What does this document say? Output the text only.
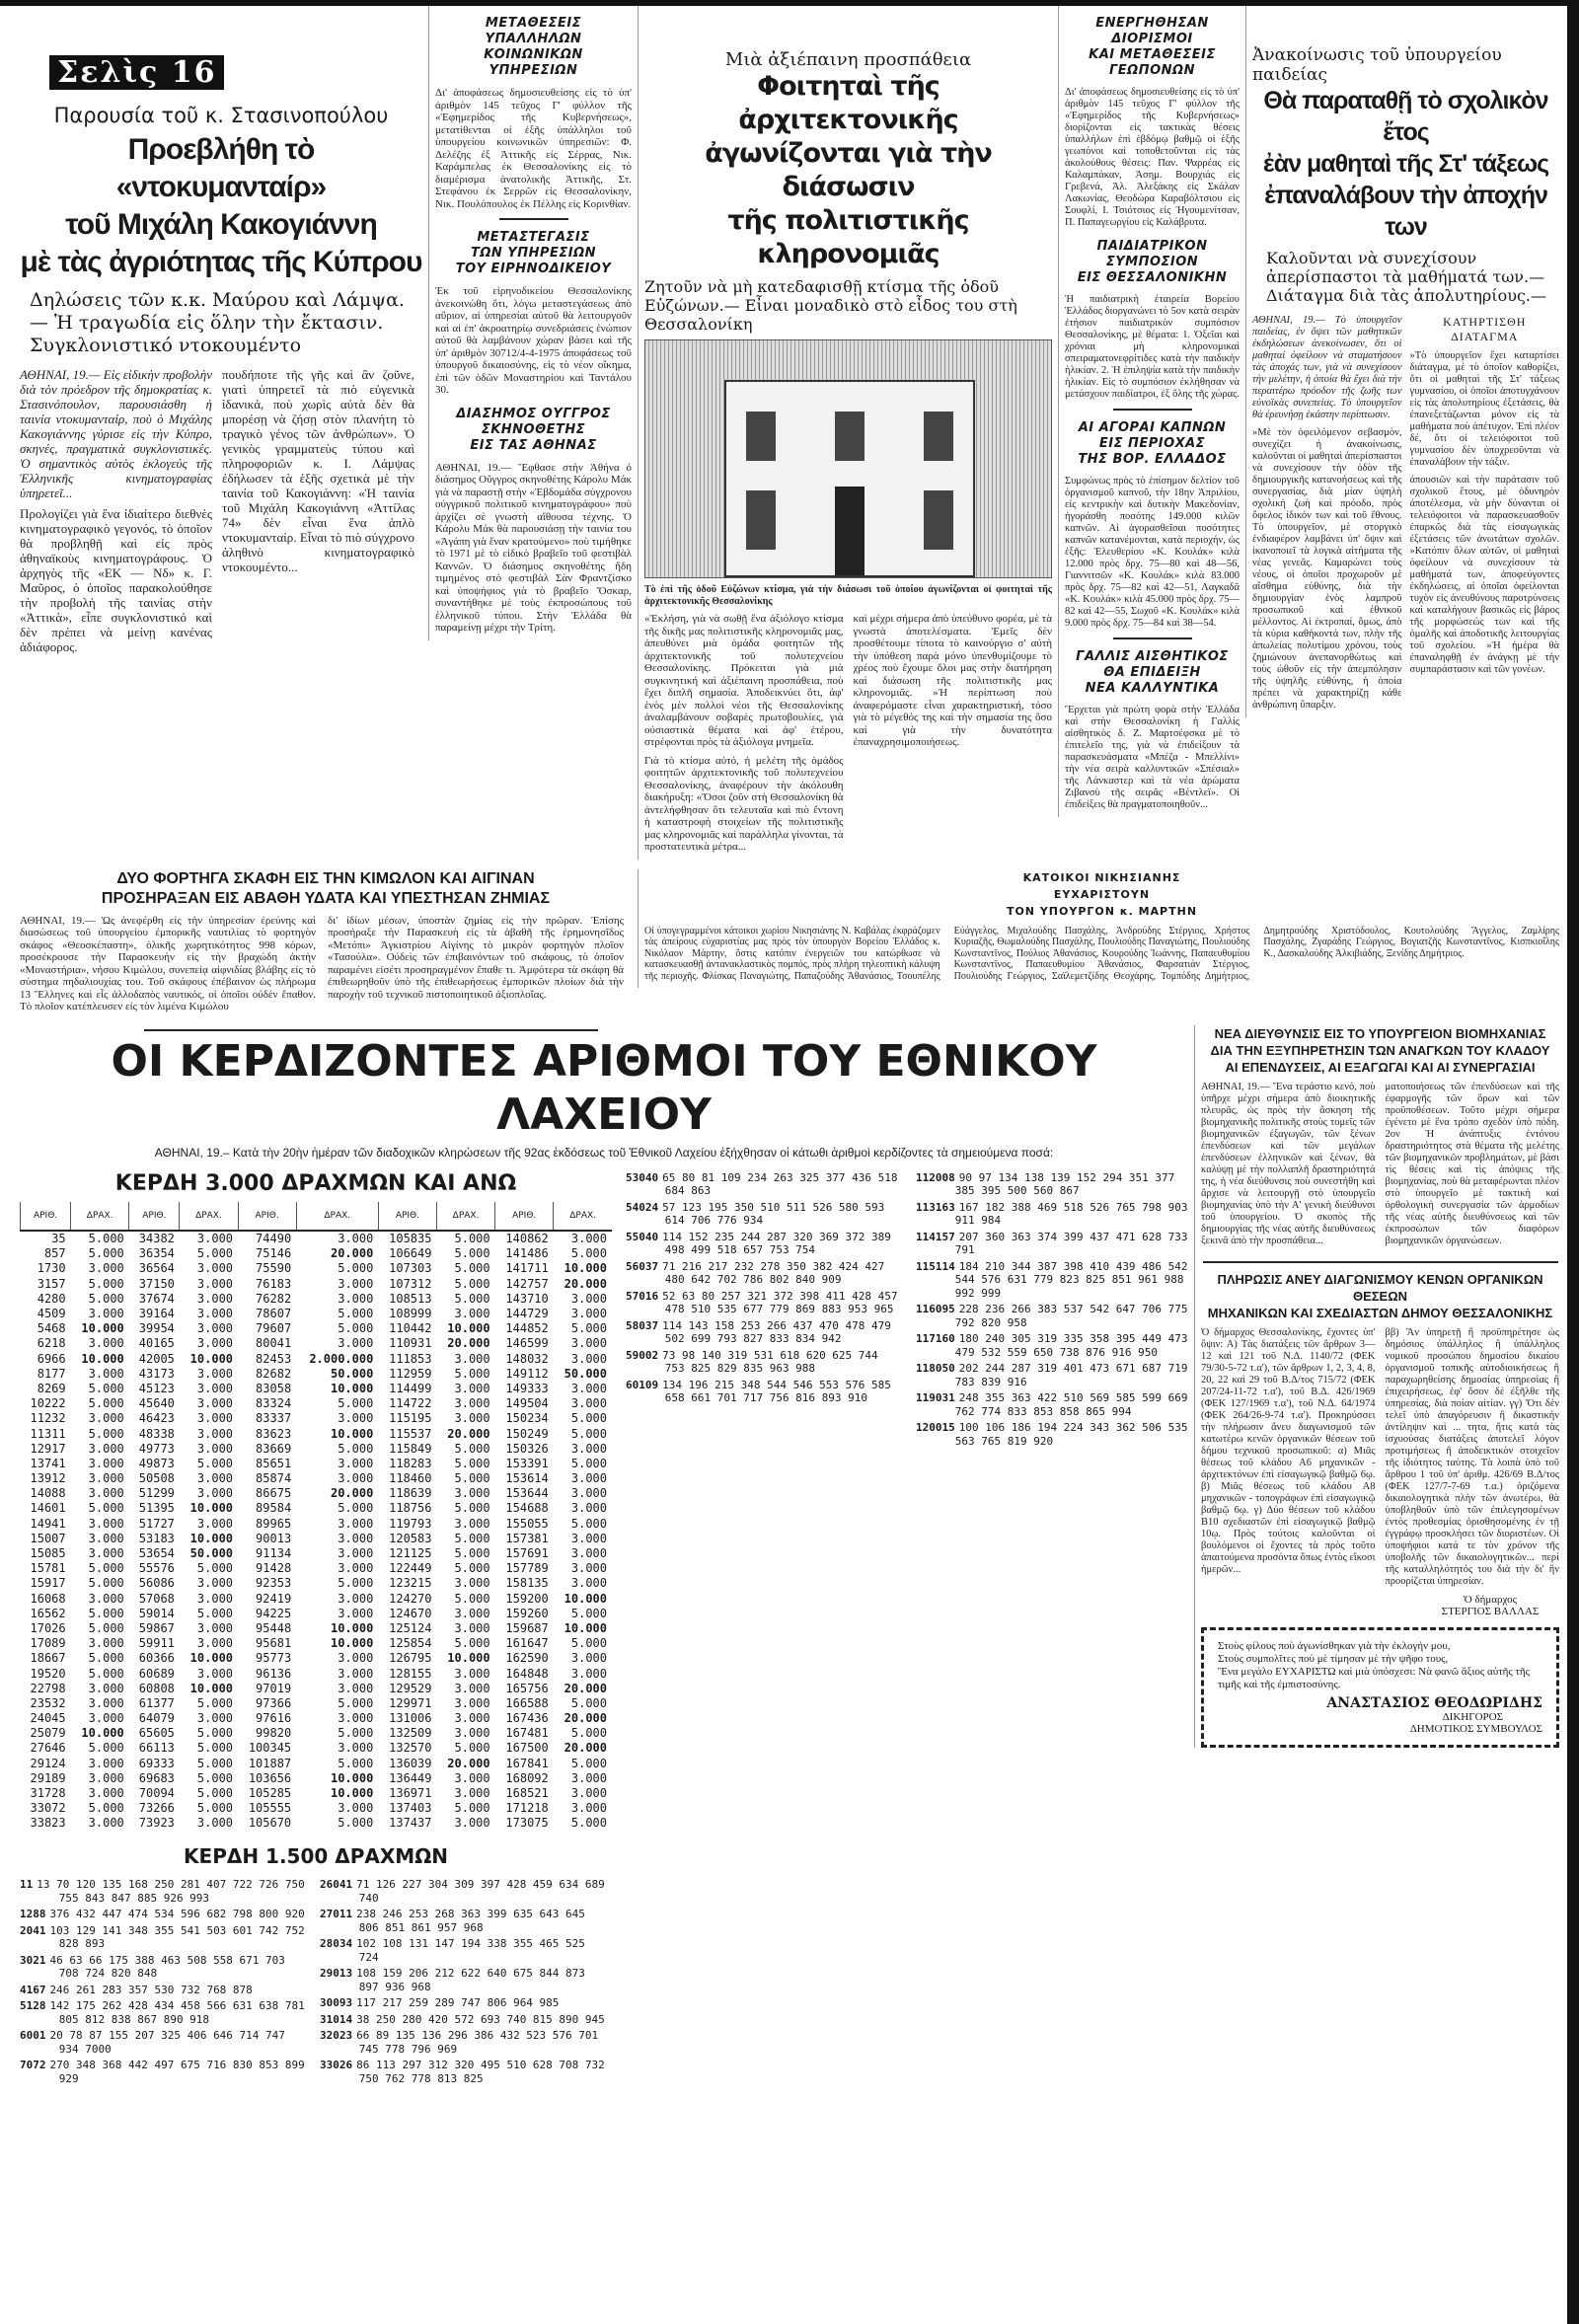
Σελὶς 16
Παρουσία τοῦ κ. Στασινοπούλου
Προεβλήθη τὸ «ντοκυμανταίρ»
τοῦ Μιχάλη Κακογιάννη
μὲ τὰς ἀγριότητας τῆς Κύπρου
Δηλώσεις τῶν κ.κ. Μαύρου καὶ Λάμψα.— Ἡ τραγωδία εἰς ὅλην τὴν ἔκτασιν. Συγκλονιστικό ντοκουμέντο

ΑΘΗΝΑΙ, 19.— Εἰς εἰδικὴν προβολὴν διὰ τὸν πρόεδρον τῆς δημοκρατίας κ. Στασινόπουλον, παρουσιάσθη ἡ ταινία ντοκυμανταίρ, ποὺ ὁ Μιχάλης Κακογιάννης γύρισε εἰς τὴν Κύπρο, σκηνές, πραγματικὰ συγκλονιστικές. Ὁ σημαντικὸς αὐτὸς ἐκλογεύς τῆς Ἑλληνικῆς κινηματογραφίας ὑπηρετεῖ...

Προλογίζει γιὰ ἕνα ἰδιαίτερο διεθνὲς κινηματογραφικὸ γεγονός, τὸ ὁποῖον θὰ προβληθῇ καὶ εἰς πρὸς ἀθηναϊκοὺς κινηματογράφους. Ὁ ἀρχηγὸς τῆς «ΕΚ — Νδ» κ. Γ. Μαῦρος, ὁ ὁποῖος παρακολούθησε τὴν προβολὴ τῆς ταινίας στὴν «Ἀττικὰ», εἶπε συγκλονιστικό καὶ δὲν πρέπει νὰ μείνῃ κανένας ἀδιάφορος.

πουδήποτε τῆς γῆς καὶ ἂν ζοῦνε, γιατὶ ὑπηρετεῖ τὰ πιὸ εὐγενικὰ ἰδανικά, ποὺ χωρὶς αὐτὰ δὲν θὰ μπορέσῃ νὰ ζήσῃ στὸν πλανήτη τὸ τραγικὸ γένος τῶν ἀνθρώπων». Ὁ γενικὸς γραμματεὺς τύπου καὶ πληροφοριῶν κ. Ι. Λάμψας ἐδήλωσεν τὰ ἑξῆς σχετικὰ μὲ τὴν ταινία τοῦ Κακογιάννη: «Ἡ ταινία τοῦ Μιχάλη Κακογιάννη «Ἀττίλας 74» δὲν εἶναι ἕνα ἁπλὸ ντοκυμανταίρ. Εἶναι τὸ πιὸ σύγχρονο ἀληθινὸ κινηματογραφικὸ ντοκουμέντο...

ΜΕΤΑΘΕΣΕΙΣ
ΥΠΑΛΛΗΛΩΝ
ΚΟΙΝΩΝΙΚΩΝ
ΥΠΗΡΕΣΙΩΝ

Δι' ἀποφάσεως δημοσιευθείσης εἰς τὸ ὑπ' ἀριθμὸν 145 τεῦχος Γ' φύλλον τῆς «Ἐφημερίδος τῆς Κυβερνήσεως», μετατίθενται οἱ ἑξῆς ὑπάλληλοι τοῦ ὑπουργείου κοινωνικῶν ὑπηρεσιῶν: Φ. Δελέζης ἐξ Ἀττικῆς εἰς Σέρρας, Νικ. Καράμπελας ἐκ Θεσσαλονίκης εἰς τὸ διαμέρισμα ἀνατολικῆς Ἀττικῆς, Στ. Στεφάνου ἐκ Σερρῶν εἰς Θεσσαλονίκην, Νικ. Πουλόπουλος ἐκ Πέλλης εἰς Κορινθίαν.

ΜΕΤΑΣΤΕΓΑΣΙΣ
ΤΩΝ ΥΠΗΡΕΣΙΩΝ
ΤΟΥ ΕΙΡΗΝΟΔΙΚΕΙΟΥ

Ἐκ τοῦ εἰρηνοδικείου Θεσσαλονίκης ἀνεκοινώθη ὅτι, λόγω μεταστεγάσεως ἀπὸ αὔριον, αἱ ὑπηρεσίαι αὐτοῦ θὰ λειτουργοῦν καὶ αἱ ἐπ' ἀκροατηρίῳ συνεδριάσεις ἐνώπιον αὐτοῦ θὰ λαμβάνουν χώραν βάσει καὶ τῆς ὑπ' ἀριθμὸν 30712/4-4-1975 ἀποφάσεως τοῦ ὑπουργοῦ δικαιοσύνης, εἰς τὸ νέον οἴκημα, ἐπὶ τῶν ὁδῶν Μοναστηρίου καὶ Ταντάλου 30.

ΔΙΑΣΗΜΟΣ ΟΥΓΓΡΟΣ
ΣΚΗΝΟΘΕΤΗΣ
ΕΙΣ ΤΑΣ ΑΘΗΝΑΣ

ΑΘΗΝΑΙ, 19.— Ἔφθασε στὴν Ἀθήνα ὁ διάσημος Οὔγγρος σκηνοθέτης Κάρολυ Μάκ γιὰ νὰ παραστῇ στὴν «Ἑβδομάδα σύγχρονου οὐγγρικοῦ πολιτικοῦ κινηματογράφου» ποὺ ἀρχίζει σὲ γνωστὴ αἴθουσα τέχνης. Ὁ Κάρολυ Μάκ θὰ παρουσιάσῃ τὴν ταινία του «Ἀγάπη γιὰ ἕναν κρατούμενο» ποὺ τιμήθηκε τὸ 1971 μὲ τὸ εἰδικὸ βραβεῖο τοῦ φεστιβὰλ Καννῶν. Ὁ διάσημος σκηνοθέτης ἤδη τιμημένος στὸ φεστιβὰλ Σὰν Φραντζίσκο καὶ ὑποψήφιος γιὰ τὸ βραβεῖο Ὄσκαρ, συναντήθηκε μὲ τοὺς ἐκπροσώπους τοῦ ἑλληνικοῦ τύπου. Στὴν Ἑλλάδα θὰ παραμείνῃ μέχρι τὴν Τρίτη.

Μιὰ ἀξιέπαινη προσπάθεια
Φοιτηταὶ τῆς ἀρχιτεκτονικῆς
ἀγωνίζονται γιὰ τὴν διάσωσιν
τῆς πολιτιστικῆς κληρονομιᾶς
Ζητοῦν νὰ μὴ κατεδαφισθῇ κτίσμα τῆς ὁδοῦ Εὐζώνων.— Εἶναι μοναδικὸ στὸ εἶδος του στὴ Θεσσαλονίκη

Τὸ ἐπὶ τῆς ὁδοῦ Εὐζώνων κτίσμα, γιὰ τὴν διάσωσι τοῦ ὁποίου ἀγωνίζονται οἱ φοιτηταὶ τῆς ἀρχιτεκτονικῆς Θεσσαλονίκης

«Ἐκλήση, γιὰ νὰ σωθῇ ἕνα ἀξιόλογο κτίσμα τῆς δικῆς μας πολιτιστικῆς κληρονομιᾶς μας, ἀπευθύνει μιὰ ὁμάδα φοιτητῶν τῆς ἀρχιτεκτονικῆς τοῦ πολυτεχνείου Θεσσαλονίκης. Πρόκειται γιὰ μιὰ συγκινητική καὶ ἀξιέπαινη προσπάθεια, ποὺ ἔχει διπλῆ σημασία. Ἀποδεικνύει ὅτι, ἀφ' ἑνὸς μὲν πολλοὶ νέοι τῆς Θεσσαλονίκης ἀναλαμβάνουν σοβαρὲς πρωτοβουλίες, γιὰ οὐσιαστικὰ θέματα καὶ ἀφ' ἑτέρου, στρέφονται πρὸς τὰ ἀξιόλογα μνημεῖα.

Γιὰ τὸ κτίσμα αὐτό, ἡ μελέτη τῆς ὁμάδος φοιτητῶν ἀρχιτεκτονικῆς τοῦ πολυτεχνείου Θεσσαλονίκης, ἀναφέρουν τὴν ἀκόλουθη διακήρυξη: «Ὅσοι ζοῦν στὴ Θεσσαλονίκη θὰ ἀντελήφθησαν ὅτι τελευταῖα καὶ πιὸ ἔντονη ἡ καταστροφὴ στοιχείων τῆς πολιτιστικῆς μας κληρονομιᾶς καὶ παράλληλα γίνονται, τὰ προστατευτικὰ μέτρα...

καὶ μέχρι σήμερα ἀπὸ ὑπεύθυνο φορέα, μὲ τὰ γνωστὰ ἀποτελέσματα. Ἐμεῖς δὲν προσθέτουμε τίποτα τὸ καινούργιο σ' αὐτὴ τὴν ὑπόθεση παρὰ μόνο ὑπενθυμίζουμε τὸ χρέος ποὺ ἔχουμε ὅλοι μας στὴν διατήρηση καὶ διάσωση τῆς πολιτιστικῆς μας κληρονομιᾶς. »Ἡ περίπτωση ποὺ ἀναφερόμαστε εἶναι χαρακτηριστική, τόσο γιὰ τὸ μέγεθός της καὶ τὴν σημασία της ὅσο καὶ γιὰ τὴν δυνατότητα ἐπαναχρησιμοποιήσεως.

ΕΝΕΡΓΗΘΗΣΑΝ
ΔΙΟΡΙΣΜΟΙ
ΚΑΙ ΜΕΤΑΘΕΣΕΙΣ
ΓΕΩΠΟΝΩΝ

Δι' ἀποφάσεως δημοσιευθείσης εἰς τὸ ὑπ' ἀριθμὸν 145 τεῦχος Γ' φύλλον τῆς «Ἐφημερίδος τῆς Κυβερνήσεως» διορίζονται εἰς τακτικὰς θέσεις ὑπαλλήλων ἐπὶ ἑβδόμῳ βαθμῷ οἱ ἑξῆς γεωπόνοι καὶ τοποθετοῦνται εἰς τὰς ἀκολούθους θέσεις: Παν. Ψαρρέας εἰς Καλαμπάκαν, Ἀσημ. Βουρχιάς εἰς Γρεβενά, Ἀλ. Ἀλεξάκης εἰς Σκάλαν Λακωνίας, Θεοδώρα Καραβόλτσιου εἰς Σουφλί, Ι. Τσιότσιος εἰς Ἡγουμενίτσαν, Π. Παπαγεωργίου εἰς Καλάβρυτα.

ΠΑΙΔΙΑΤΡΙΚΟΝ
ΣΥΜΠΟΣΙΟΝ
ΕΙΣ ΘΕΣΣΑΛΟΝΙΚΗΝ

Ἡ παιδιατρικὴ ἑταιρεία Βορείου Ἑλλάδος διοργανώνει τὸ 5ον κατὰ σειρὰν ἐτήσιον παιδιατρικὸν συμπόσιον Θεσσαλονίκης, μὲ θέματα: 1. Ὀξεῖαι καὶ χρόνιαι μὴ κληρονομικαὶ σπειραματονεφρίτιδες κατὰ τὴν παιδικὴν ἡλικίαν. 2. Ἡ ἐπιληψία κατὰ τὴν παιδικὴν ἡλικίαν. Εἰς τὸ συμπόσιον ἐκλήθησαν νὰ μετάσχουν παιδίατροι, ἐξ ὅλης τῆς χώρας.

ΑΙ ΑΓΟΡΑΙ ΚΑΠΝΩΝ
ΕΙΣ ΠΕΡΙΟΧΑΣ
ΤΗΣ ΒΟΡ. ΕΛΛΑΔΟΣ

Συμφώνως πρὸς τὸ ἐπίσημον δελτίον τοῦ ὀργανισμοῦ καπνοῦ, τὴν 18ην Ἀπριλίου, εἰς κεντρικὴν καὶ δυτικὴν Μακεδονίαν, ἠγοράσθη ποσότης 149.000 κιλῶν καπνῶν. Αἱ ἀγορασθεῖσαι ποσότητες καπνῶν κατανέμονται, κατὰ περιοχήν, ὡς ἑξῆς: Ἐλευθερίου «Κ. Κουλάκ» κιλὰ 12.000 πρὸς δρχ. 75—80 καὶ 48—56, Γιαννιτσῶν «Κ. Κουλάκ» κιλὰ 83.000 πρὸς δρχ. 75—82 καὶ 42—51, Λαγκαδᾶ «Κ. Κουλάκ» κιλὰ 45.000 πρὸς δρχ. 75—82 καὶ 42—55, Σωχοῦ «Κ. Κουλάκ» κιλὰ 9.000 πρὸς δρχ. 75—84 καὶ 38—54.

ΓΑΛΛΙΣ ΑΙΣΘΗΤΙΚΟΣ
ΘΑ ΕΠΙΔΕΙΞΗ
ΝΕΑ ΚΑΛΛΥΝΤΙΚΑ

Ἔρχεται γιὰ πρώτη φορὰ στὴν Ἑλλάδα καὶ στὴν Θεσσαλονίκη ἡ Γαλλίς αἰσθητικὸς δ. Ζ. Μαρτσέφσκα μὲ τὸ ἐπιτελεῖο της, γιὰ νὰ ἐπιδείξουν τὰ παρασκευάσματα «Μπέζα - Μπελλίνι» τὴν νέα σειρὰ καλλυντικῶν «Σπέσιαλ» τῆς Λάνκαστερ καὶ τὰ νέα ἀρώματα Ζιβανσὺ τῆς σειρᾶς «Βέντλεϊ». Οἱ ἐπιδείξεις θὰ πραγματοποιηθοῦν...

Ἀνακοίνωσις τοῦ ὑπουργείου παιδείας
Θὰ παραταθῇ τὸ σχολικὸν ἔτος
ἐὰν μαθηταὶ τῆς Στ' τάξεως
ἐπαναλάβουν τὴν ἀποχήν των
Καλοῦνται νὰ συνεχίσουν ἀπερίσπαστοι τὰ μαθήματά των.— Διάταγμα διὰ τὰς ἀπολυτηρίους.—

ΑΘΗΝΑΙ, 19.— Τὸ ὑπουργεῖον παιδείας, ἐν ὄψει τῶν μαθητικῶν ἐκδηλώσεων ἀνεκοίνωσεν, ὅτι οἱ μαθηταὶ ὀφείλουν νὰ σταματήσουν τὰς ἀποχάς των, γιὰ νὰ συνεχίσουν τὴν μελέτην, ἡ ὁποία θὰ ἔχει διὰ τὴν περαιτέρω πρόοδον τῆς ζωῆς των εὐνοϊκὰς συνεπείας. Τὸ ὑπουργεῖον θὰ ἐρευνήσῃ ἑκάστην περίπτωσιν.

»Μὲ τὸν ὀφειλόμενον σεβασμὸν, συνεχίζει ἡ ἀνακοίνωσις, καλοῦνται οἱ μαθηταὶ ἀπερίσπαστοι νὰ συνεχίσουν τὴν ὁδὸν τῆς δημιουργικῆς κατανοήσεως καὶ τῆς συνεργασίας, διὰ μίαν ὑψηλὴ σχολικὴ ζωὴ καὶ πρόοδο, πρὸς ὄφελος ἰδικόν των καὶ τοῦ ἔθνους. Τὸ ὑπουργεῖον, μὲ στοργικὸ ἐνδιαφέρον λαμβάνει ὑπ' ὄψιν καὶ ἱκανοποιεῖ τὰ λογικὰ αἰτήματα τῆς νέας γενεᾶς. Καμαρώνει τοὺς νέους, οἱ ὁποῖοι προχωροῦν μὲ αἴσθημα εὐθύνης, διὰ τὴν δημιουργίαν ἑνὸς λαμπροῦ προσωπικοῦ καὶ ἐθνικοῦ μέλλοντος. Αἱ ἐκτροπαί, ὅμως, ἀπὸ τὰ κύρια καθήκοντά των, πλὴν τῆς ἀπωλείας πολυτίμου χρόνου, τοὺς ζημιώνουν ἀνεπανορθώτως καὶ τοὺς ὠθοῦν εἰς τὴν ἀπεμπόλησιν τῆς ὑψηλῆς εὐθύνης, ἡ ὁποία πρέπει νὰ χαρακτηρίζῃ κάθε ἀνθρώπινη ὕπαρξιν.

ΚΑΤΗΡΤΙΣΘΗ ΔΙΑΤΑΓΜΑ

»Τὸ ὑπουργεῖον ἔχει καταρτίσει διάταγμα, μὲ τὸ ὁποῖον καθορίζει, ὅτι οἱ μαθηταὶ τῆς Στ' τάξεως γυμνασίου, οἱ ὁποῖοι ἀποτυγχάνουν εἰς τὰς ἀπολυτηρίους ἐξετάσεις, θὰ ἐπανεξετάζωνται μόνον εἰς τὰ μαθήματα ποὺ ἀπέτυχον. Ἐπὶ πλέον δέ, ὅτι οἱ τελειόφοιτοι τοῦ γυμνασίου δὲν ὑποχρεοῦνται νὰ ἐπαναλάβουν τὴν τάξιν.

ἀπουσιῶν καὶ τὴν παράτασιν τοῦ σχολικοῦ ἔτους, μὲ ὀδυνηρὸν ἀποτέλεσμα, νὰ μὴν δύνανται οἱ τελειόφοιτοι νὰ παρασκευασθοῦν ἐπαρκῶς διὰ τὰς εἰσαγωγικὰς ἐξετάσεις τῶν ἀνωτάτων σχολῶν. »Κατόπιν ὅλων αὐτῶν, οἱ μαθηταὶ ὀφείλουν νὰ συνεχίσουν τὰ μαθήματά των, ἀποφεύγοντες ἐκδηλώσεις, αἱ ὁποῖαι ὀφείλονται τυχὸν εἰς ἀνευθύνους παροτρύνσεις καὶ καταλήγουν βασικῶς εἰς βάρος τῆς μορφώσεώς των καὶ τῆς ὁμαλῆς καὶ ἀποδοτικῆς λειτουργίας τοῦ σχολείου. »Ἡ ἡμέρα θὰ ἐπαναληφθῇ ἐν ἀνάγκῃ μὲ τὴν συμπαράστασιν καὶ τῶν γονέων.

ΔΥΟ ΦΟΡΤΗΓΑ ΣΚΑΦΗ ΕΙΣ ΤΗΝ ΚΙΜΩΛΟΝ ΚΑΙ ΑΙΓΙΝΑΝ
ΠΡΟΣΗΡΑΞΑΝ ΕΙΣ ΑΒΑΘΗ ΥΔΑΤΑ ΚΑΙ ΥΠΕΣΤΗΣΑΝ ΖΗΜΙΑΣ

ΑΘΗΝΑΙ, 19.— Ὡς ἀνεφέρθη εἰς τὴν ὑπηρεσίαν ἐρεύνης καὶ διασώσεως τοῦ ὑπουργείου ἐμπορικῆς ναυτιλίας τὸ φορτηγὸν σκάφος «Θεοσκέπαστη», ὁλικῆς χωρητικότητος 998 κόρων, προσέκρουσε τὴν Παρασκευὴν εἰς τὴν βραχώδη ἀκτὴν «Μοναστήρια», νήσου Κιμώλου, συνεπείᾳ αἰφνιδίας βλάβης εἰς τὸ σύστημα πηδαλιουχίας του. Τοῦ σκάφους ἐπέβαινον ὡς πλήρωμα 13 Ἕλληνες καὶ εἷς ἀλλοδαπὸς ναυτικός, οἱ ὁποῖοι οὐδὲν ἔπαθον. Τὸ πλοῖον κατέπλευσεν εἰς τὸν λιμένα Κιμώλου

δι' ἰδίων μέσων, ὑποστὰν ζημίας εἰς τὴν πρῶραν. Ἐπίσης προσήραξε τὴν Παρασκευὴ εἰς τὰ ἀβαθῆ τῆς ἐρημονησῖδος «Μετόπι» Ἀγκιστρίου Αἰγίνης τὸ μικρὸν φορτηγὸν πλοῖον «Τασούλα». Οὐδεὶς τῶν ἐπιβαινόντων τοῦ σκάφους, τὸ ὁποῖον παραμένει εἰσέτι προσηραγμένον ἔπαθε τι. Ἀμφότερα τὰ σκάφη θὰ ἐπιθεωρηθοῦν ὑπὸ τῆς ἐπιθεωρήσεως ἐμπορικῶν πλοίων διὰ τὴν παροχὴν τοῦ τεχνικοῦ πιστοποιητικοῦ ἀξιοπλοΐας.

ΚΑΤΟΙΚΟΙ ΝΙΚΗΣΙΑΝΗΣ
ΕΥΧΑΡΙΣΤΟΥΝ
ΤΟΝ ΥΠΟΥΡΓΟΝ κ. ΜΑΡΤΗΝ

Οἱ ὑπογεγραμμένοι κάτοικοι χωρίου Νικησιάνης Ν. Καβάλας ἐκφράζομεν τὰς ἀπείρους εὐχαριστίας μας πρὸς τὸν ὑπουργὸν Βορείου Ἑλλάδος κ. Νικόλαον Μάρτην, ὅστις κατόπιν ἐνεργειῶν του κατώρθωσε νὰ κατασκευασθῇ ἀντανακλαστικὸς πομπός, πρὸς πλήρη τηλεοπτικὴ κάλυψη τῆς περιοχῆς. Φλίσκας Παναγιώτης, Παπαζούδης Ἀθανάσιος, Τσουπέλης Εὐάγγελος, Μιχαλούδης Πασχάλης, Ἀνδρούδης Στέργιος, Χρήστος Κυριαζῆς, Θωμαλούδης Πασχάλης, Πουλιούδης Παναγιώτης, Πουλιούδης Κωνσταντῖνος, Πούλιος Ἀθανάσιος, Κουρούδης Ἰωάννης, Παπαευθυμίου Κωνσταντῖνος, Παπαευθυμίου Ἀθανάσιος, Φαρσατιάν Στέργιος, Πουλιούδης Γεώργιος, Σαϊλεμετζίδης Θεοχάρης, Τομπόδης Δημήτριος, Δημητρούδης Χριστόδουλος, Κουτολούδης Ἄγγελος, Ζαμλίρης Πασχάλης, Ζγαράδης Γεώργιος, Βογιατζῆς Κωνσταντῖνος, Κισπκιοΐλης Κ., Δασκαλούδης Ἀλκιβιάδης, Ξενίδης Δημήτριος.

ΟΙ ΚΕΡΔΙΖΟΝΤΕΣ ΑΡΙΘΜΟΙ ΤΟΥ ΕΘΝΙΚΟΥ ΛΑΧΕΙΟΥ
ΑΘΗΝΑΙ, 19.– Κατὰ τὴν 20ὴν ἡμέραν τῶν διαδοχικῶν κληρώσεων τῆς 92ας ἐκδόσεως τοῦ Ἐθνικοῦ Λαχείου ἐξήχθησαν οἱ κάτωθι ἀριθμοὶ κερδίζοντες τὰ σημειούμενα ποσά:
ΚΕΡΔΗ 3.000 ΔΡΑΧΜΩΝ ΚΑΙ ΑΝΩ
ΑΡΙΘ.	ΔΡΑΧ.	ΑΡΙΘ.	ΔΡΑΧ.	ΑΡΙΘ.	ΔΡΑΧ.	ΑΡΙΘ.	ΔΡΑΧ.	ΑΡΙΘ.	ΔΡΑΧ.
35	5.000	34382	3.000	74490	3.000	105835	5.000	140862	3.000
857	5.000	36354	5.000	75146	20.000	106649	5.000	141486	5.000
1730	3.000	36564	3.000	75590	5.000	107303	5.000	141711	10.000
3157	5.000	37150	3.000	76183	3.000	107312	5.000	142757	20.000
4280	5.000	37674	3.000	76282	3.000	108513	5.000	143710	3.000
4509	3.000	39164	3.000	78607	5.000	108999	3.000	144729	3.000
5468	10.000	39954	3.000	79607	5.000	110442	10.000	144852	5.000
6218	3.000	40165	3.000	80041	3.000	110931	20.000	146599	3.000
6966	10.000	42005	10.000	82453	2.000.000	111853	3.000	148032	3.000
8177	3.000	43173	3.000	82682	50.000	112959	5.000	149112	50.000
8269	5.000	45123	3.000	83058	10.000	114499	3.000	149333	3.000
10222	5.000	45640	3.000	83324	5.000	114722	3.000	149504	3.000
11232	3.000	46423	3.000	83337	3.000	115195	3.000	150234	5.000
11311	5.000	48338	3.000	83623	10.000	115537	20.000	150249	5.000
12917	3.000	49773	3.000	83669	5.000	115849	5.000	150326	3.000
13741	3.000	49873	5.000	85651	3.000	118283	5.000	153391	5.000
13912	3.000	50508	3.000	85874	3.000	118460	5.000	153614	3.000
14088	3.000	51299	3.000	86675	20.000	118639	3.000	153644	3.000
14601	5.000	51395	10.000	89584	5.000	118756	5.000	154688	3.000
14941	3.000	51727	3.000	89965	3.000	119793	3.000	155055	5.000
15007	3.000	53183	10.000	90013	3.000	120583	5.000	157381	3.000
15085	3.000	53654	50.000	91134	3.000	121125	5.000	157691	3.000
15781	5.000	55576	5.000	91428	3.000	122449	5.000	157789	3.000
15917	5.000	56086	3.000	92353	5.000	123215	3.000	158135	3.000
16068	3.000	57068	3.000	92419	3.000	124270	5.000	159200	10.000
16562	5.000	59014	5.000	94225	3.000	124670	3.000	159260	5.000
17026	5.000	59867	3.000	95448	10.000	125124	3.000	159687	10.000
17089	3.000	59911	3.000	95681	10.000	125854	5.000	161647	5.000
18667	5.000	60366	10.000	95773	3.000	126795	10.000	162590	3.000
19520	5.000	60689	3.000	96136	3.000	128155	3.000	164848	3.000
22798	3.000	60808	10.000	97019	3.000	129529	3.000	165756	20.000
23532	3.000	61377	5.000	97366	5.000	129971	3.000	166588	5.000
24045	3.000	64079	3.000	97616	3.000	131006	3.000	167436	20.000
25079	10.000	65605	5.000	99820	5.000	132509	3.000	167481	5.000
27646	5.000	66113	5.000	100345	3.000	132570	5.000	167500	20.000
29124	3.000	69333	5.000	101887	5.000	136039	20.000	167841	5.000
29189	3.000	69683	5.000	103656	10.000	136449	3.000	168092	3.000
31728	3.000	70094	5.000	105285	10.000	136971	3.000	168521	3.000
33072	5.000	73266	5.000	105555	3.000	137403	5.000	171218	3.000
33823	3.000	73923	3.000	105670	5.000	137437	3.000	173075	5.000
ΚΕΡΔΗ 1.500 ΔΡΑΧΜΩΝ
11 13 70 120 135 168 250 281 407 722 726 750 755 843 847 885 926 993
1288 376 432 447 474 534 596 682 798 800 920
2041 103 129 141 348 355 541 503 601 742 752 828 893
3021 46 63 66 175 388 463 508 558 671 703 708 724 820 848
4167 246 261 283 357 530 732 768 878
5128 142 175 262 428 434 458 566 631 638 781 805 812 838 867 890 918
6001 20 78 87 155 207 325 406 646 714 747 934 7000
7072 270 348 368 442 497 675 716 830 853 899 929
26041 71 126 227 304 309 397 428 459 634 689 740
27011 238 246 253 268 363 399 635 643 645 806 851 861 957 968
28034 102 108 131 147 194 338 355 465 525 724
29013 108 159 206 212 622 640 675 844 873 897 936 968
30093 117 217 259 289 747 806 964 985
31014 38 250 280 420 572 693 740 815 890 945
32023 66 89 135 136 296 386 432 523 576 701 745 778 796 969
33026 86 113 297 312 320 495 510 628 708 732 750 762 778 813 825
53040 65 80 81 109 234 263 325 377 436 518 684 863
54024 57 123 195 350 510 511 526 580 593 614 706 776 934
55040 114 152 235 244 287 320 369 372 389 498 499 518 657 753 754
56037 71 216 217 232 278 350 382 424 427 480 642 702 786 802 840 909
57016 52 63 80 257 321 372 398 411 428 457 478 510 535 677 779 869 883 953 965
58037 114 143 158 253 266 437 470 478 479 502 699 793 827 833 834 942
59002 73 98 140 319 531 618 620 625 744 753 825 829 835 963 988
60109 134 196 215 348 544 546 553 576 585 658 661 701 717 756 816 893 910
112008 90 97 134 138 139 152 294 351 377 385 395 500 560 867
113163 167 182 388 469 518 526 765 798 903 911 984
114157 207 360 363 374 399 437 471 628 733 791
115114 184 210 344 387 398 410 439 486 542 544 576 631 779 823 825 851 961 988 992 999
116095 228 236 266 383 537 542 647 706 775 792 820 958
117160 180 240 305 319 335 358 395 449 473 479 532 559 650 738 876 916 950
118050 202 244 287 319 401 473 671 687 719 783 839 916
119031 248 355 363 422 510 569 585 599 669 762 774 833 853 858 865 994
120015 100 106 186 194 224 343 362 506 535 563 765 819 920
ΝΕΑ ΔΙΕΥΘΥΝΣΙΣ ΕΙΣ ΤΟ ΥΠΟΥΡΓΕΙΟΝ ΒΙΟΜΗΧΑΝΙΑΣ
ΔΙΑ ΤΗΝ ΕΞΥΠΗΡΕΤΗΣΙΝ ΤΩΝ ΑΝΑΓΚΩΝ ΤΟΥ ΚΛΑΔΟΥ
ΑΙ ΕΠΕΝΔΥΣΕΙΣ, ΑΙ ΕΞΑΓΩΓΑΙ ΚΑΙ ΑΙ ΣΥΝΕΡΓΑΣΙΑΙ

ΑΘΗΝΑΙ, 19.— Ἕνα τεράστιο κενό, ποὺ ὑπῆρχε μέχρι σήμερα ἀπὸ διοικητικῆς πλευρᾶς, ὡς πρὸς τὴν ἄσκηση τῆς βιομηχανικῆς πολιτικῆς στοὺς τομεῖς τῶν βιομηχανικῶν ἐξαγωγῶν, τῶν ξένων ἐπενδύσεων καὶ τῶν μεγάλων ἐπενδύσεων ἑλληνικῶν καὶ ξένων, θὰ καλύψῃ μὲ τὴν πολλαπλῆ δραστηριότητά της, ἡ νέα διεύθυνσις ποὺ συνεστήθη καὶ ἄρχισε νὰ λειτουργῇ στὸ ὑπουργεῖο βιομηχανίας ὑπὸ τὴν Α' γενικὴ διεύθυνσι τοῦ ὑπουργείου. Ὁ σκοπὸς τῆς δημιουργίας τῆς νέας αὐτῆς διευθύνσεως ξεκινᾶ ἀπὸ τὴν προσπάθεια...

ματοποιήσεως τῶν ἐπενδύσεων καὶ τῆς ἐφαρμογῆς τῶν ὅρων καὶ τῶν προϋποθέσεων. Τοῦτο μέχρι σήμερα ἐγένετο μὲ ἕνα τρόπο σχεδὸν ὑπὸ πόδη. 2ον Ἡ ἀνάπτυξις ἐντόνου δραστηριότητος στὰ θέματα τῆς μελέτης τῶν βιομηχανικῶν προβλημάτων, μὲ βάσι τὶς θέσεις καὶ τὶς ἀπόψεις τῆς βιομηχανίας, ποὺ θὰ μεταφέρωνται πλέον στὸ ὑπουργεῖο μὲ τακτικὴ καὶ ὀρθολογικὴ συνεργασία τῶν ἁρμοδίων τῆς νέας αὐτῆς διευθύνσεως καὶ τῶν ἐκπροσώπων τῶν διαφόρων βιομηχανικῶν ὀργανώσεων.

ΠΛΗΡΩΣΙΣ ΑΝΕΥ ΔΙΑΓΩΝΙΣΜΟΥ ΚΕΝΩΝ ΟΡΓΑΝΙΚΩΝ ΘΕΣΕΩΝ
ΜΗΧΑΝΙΚΩΝ ΚΑΙ ΣΧΕΔΙΑΣΤΩΝ ΔΗΜΟΥ ΘΕΣΣΑΛΟΝΙΚΗΣ

Ὁ δήμαρχος Θεσσαλονίκης, ἔχοντες ὑπ' ὄψιν: Α) Τὰς διατάξεις τῶν ἄρθρων 3—12 καὶ 121 τοῦ Ν.Δ. 1140/72 (ΦΕΚ 79/30-5-72 τ.α'), τῶν ἄρθρων 1, 2, 3, 4, 8, 20, 22 καὶ 29 τοῦ Β.Δ/τος 715/72 (ΦΕΚ 207/24-11-72 τ.α'), τοῦ Β.Δ. 426/1969 (ΦΕΚ 127/1969 τ.α'), τοῦ Ν.Δ. 64/1974 (ΦΕΚ 264/26-9-74 τ.α'). Προκηρύσσει τὴν πλήρωσιν ἄνευ διαγωνισμοῦ τῶν κατωτέρω κενῶν ὀργανικῶν θέσεων τοῦ δήμου τεχνικοῦ προσωπικοῦ: α) Μιᾶς θέσεως τοῦ κλάδου Α6 μηχανικῶν - ἀρχιτεκτόνων ἐπὶ εἰσαγωγικῷ βαθμῷ 6ῳ. β) Μιᾶς θέσεως τοῦ κλάδου Α8 μηχανικῶν - τοπογράφων ἐπὶ εἰσαγωγικῷ βαθμῷ 6ῳ. γ) Δύο θέσεων τοῦ κλάδου Β10 σχεδιαστῶν ἐπὶ εἰσαγωγικῷ βαθμῷ 10ῳ. Πρὸς τούτοις καλοῦνται οἱ βουλόμενοι οἱ ἔχοντες τὰ πρὸς τοῦτο ἀπαιτούμενα προσόντα ὅπως ἐντὸς εἴκοσι ἡμερῶν...

ββ) Ἂν ὑπηρετῇ ἢ προϋπηρέτησε ὡς δημόσιος ὑπάλληλος ἢ ὑπάλληλος νομικοῦ προσώπου δημοσίου δικαίου ὀργανισμοῦ τοπικῆς αὐτοδιοικήσεως ἢ παραχωρηθείσης δημοσίας ὑπηρεσίας ἢ ἐπιχειρήσεως, ἐφ' ὅσον δὲ ἐξῆλθε τῆς ὑπηρεσίας, διὰ ποίαν αἰτίαν. γγ) Ὅτι δὲν τελεῖ ὑπὸ ἀπαγόρευσιν ἢ δικαστικὴν ἀντίληψιν καὶ ... τητα, ἥτις κατὰ τὰς ἰσχυούσας διατάξεις ἀποτελεῖ λόγον προτιμήσεως ἢ ἀποδεικτικὸν στοιχεῖον τῆς ἰδιότητος ταύτης. Τὰ λοιπὰ ὑπὸ τοῦ ἄρθρου 1 τοῦ ὑπ' ἀριθμ. 426/69 Β.Δ/τος (ΦΕΚ 127/7-7-69 τ.α.) ὁριζόμενα δικαιολογητικὰ πλὴν τῶν ἀνωτέρω, θὰ ὑποβληθοῦν ὑπὸ τῶν ἐπιλεγησομένων ἐντὸς προθεσμίας ὁρισθησομένης ἐν τῇ ἐγγράφῳ προσκλήσει τῶν διοριστέων. Οἱ ὑποψήφιοι κατά τε τὸν χρόνον τῆς ὑποβολῆς τῶν δικαιολογητικῶν... περὶ τῆς καταλληλότητός του διὰ τὴν δι' ἣν προορίζεται ὑπηρεσίαν.

Ὁ δήμαρχος
ΣΤΕΡΓΙΟΣ ΒΑΛΛΑΣ
Στοὺς φίλους ποὺ ἀγωνίσθηκαν γιὰ τὴν ἐκλογήν μου,
Στοὺς συμπολῖτες ποὺ μὲ τίμησαν μὲ τὴν ψῆφο τους,
Ἕνα μεγάλο ΕΥΧΑΡΙΣΤΩ καὶ μιὰ ὑπόσχεσι: Νὰ φανῶ ἄξιος αὐτῆς τῆς τιμῆς καὶ τῆς ἐμπιστοσύνης.
ΑΝΑΣΤΑΣΙΟΣ ΘΕΟΔΩΡΙΔΗΣ
ΔΙΚΗΓΟΡΟΣ
ΔΗΜΟΤΙΚΟΣ ΣΥΜΒΟΥΛΟΣ
